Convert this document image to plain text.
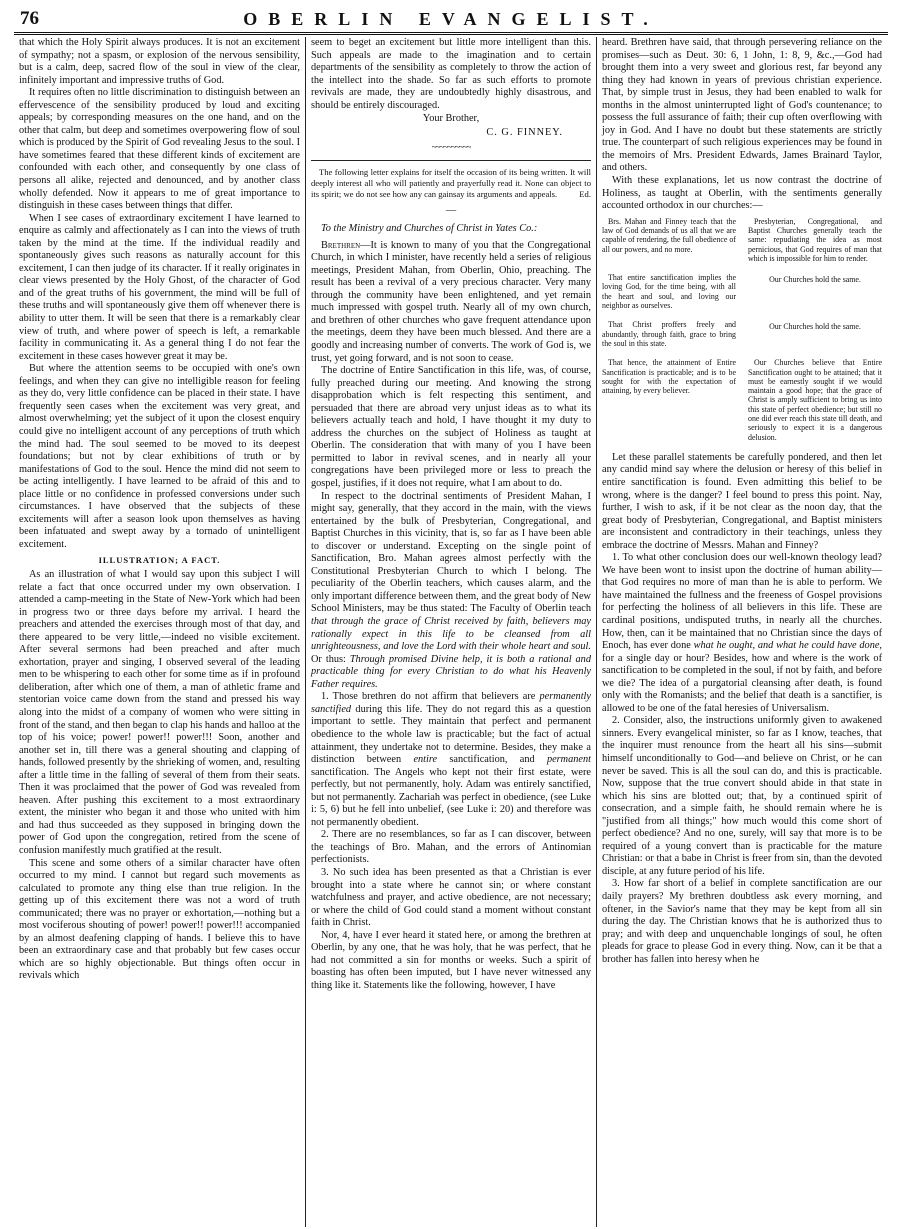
76	OBERLIN EVANGELIST.

that which the Holy Spirit always produces. It is not an excitement of sympathy; not a spasm, or explosion of the nervous sensibility, but is a calm, deep, sacred flow of the soul in view of the clear, infinitely important and impressive truths of God.

It requires often no little discrimination to distinguish between an effervescence of the sensibility produced by loud and exciting appeals; by corresponding measures on the one hand, and on the other that calm, but deep and sometimes overpowering flow of soul which is produced by the Spirit of God revealing Jesus to the soul. I have sometimes feared that these different kinds of excitement are confounded with each other, and consequently by one class of persons all alike, rejected and denounced, and by another class wholly defended. Now it appears to me of great importance to distinguish in these cases between things that differ.

When I see cases of extraordinary excitement I have learned to enquire as calmly and affectionately as I can into the views of truth taken by the mind at the time. If the individual readily and spontaneously gives such reasons as naturally account for this excitement, I can then judge of its character. If it really originates in clear views presented by the Holy Ghost, of the character of God and of the great truths of his government, the mind will be full of these truths and will spontaneously give them off whenever there is ability to utter them. It will be seen that there is a remarkably clear view of truth, and where power of speech is left, a remarkable facility in communicating it. As a general thing I do not fear the excitement in these cases however great it may be.

But where the attention seems to be occupied with one's own feelings, and when they can give no intelligible reason for feeling as they do, very little confidence can be placed in their state. I have frequently seen cases when the excitement was very great, and almost overwhelming; yet the subject of it upon the closest enquiry could give no intelligent account of any perceptions of truth which the mind had. The soul seemed to be moved to its deepest foundations; but not by clear exhibitions of truth or by manifestations of God to the soul. Hence the mind did not seem to be acting intelligently. I have learned to be afraid of this and to place little or no confidence in professed conversions under such circumstances. I have observed that the subjects of these excitements will after a season look upon themselves as having been infatuated and swept away by a tornado of unintelligent excitement.

ILLUSTRATION; A FACT.

As an illustration of what I would say upon this subject I will relate a fact that once occurred under my own observation. I attended a camp-meeting in the State of New-York which had been in progress two or three days before my arrival. I heard the preachers and attended the exercises through most of that day, and there appeared to be very little,—indeed no visible excitement. After several sermons had been preached and after much exhortation, prayer and singing, I observed several of the leading men to be whispering to each other for some time as if in profound deliberation, after which one of them, a man of athletic frame and stentorian voice came down from the stand and pressed his way along into the midst of a company of women who were sitting in front of the stand, and then began to clap his hands and halloo at the top of his voice; power! power!! power!!! Soon, another and another set in, till there was a general shouting and clapping of hands, followed presently by the shrieking of women, and, resulting after a little time in the falling of several of them from their seats. Then it was proclaimed that the power of God was revealed from heaven. After pushing this excitement to a most extraordinary extent, the minister who began it and those who united with him and had thus succeeded as they supposed in bringing down the power of God upon the congregation, retired from the scene of confusion manifestly much gratified at the result.

This scene and some others of a similar character have often occurred to my mind. I cannot but regard such movements as calculated to promote any thing else than true religion. In the getting up of this excitement there was not a word of truth communicated; there was no prayer or exhortation,—nothing but a most vociferous shouting of power! power!! power!!! accompanied by an almost deafening clapping of hands. I believe this to have been an extraordinary case and that probably but few cases occur which are so highly objectionable. But things often occur in revivals which

seem to beget an excitement but little more intelligent than this. Such appeals are made to the imagination and to certain departments of the sensibility as completely to throw the action of the intellect into the shade. So far as such efforts to promote revivals are made, they are undoubtedly highly disastrous, and should be entirely discouraged.

Your Brother,
C. G. FINNEY.
~~~~~~~~~~
The following letter explains for itself the occasion of its being written. It will deeply interest all who will patiently and prayerfully read it. None can object to its spirit; we do not see how any can gainsay its arguments and appeals.	Ed.
—
To the Ministry and Churches of Christ in Yates Co.:

Brethren—It is known to many of you that the Congregational Church, in which I minister, have recently held a series of religious meetings, President Mahan, from Oberlin, Ohio, preaching. The result has been a revival of a very precious character. Very many through the community have been enlightened, and yet remain much impressed with gospel truth. Nearly all of my own church, and brethren of other churches who gave frequent attendance upon the meetings, deem they have been much blessed. And there are a goodly and increasing number of converts. The work of God is, we trust, yet going forward, and is not soon to cease.

The doctrine of Entire Sanctification in this life, was, of course, fully preached during our meeting. And knowing the strong disapprobation which is felt respecting this sentiment, and persuaded that there are abroad very unjust ideas as to what its believers actually teach and hold, I have thought it my duty to address the churches on the subject of Holiness as taught at Oberlin. The consideration that with many of you I have been permitted to labor in revival scenes, and in nearly all your congregations have been privileged more or less to preach the gospel, justifies, if it does not require, what I am about to do.

In respect to the doctrinal sentiments of President Mahan, I might say, generally, that they accord in the main, with the views entertained by the bulk of Presbyterian, Congregational, and Baptist Churches in this vicinity, that is, so far as I have been able to discover or understand. Excepting on the single point of Sanctification, Bro. Mahan agrees almost perfectly with the Constitutional Presbyterian Church to which I belong. The peculiarity of the Oberlin teachers, which causes alarm, and the only important difference between them, and the great body of New School Ministers, may be thus stated: The Faculty of Oberlin teach that through the grace of Christ received by faith, believers may rationally expect in this life to be cleansed from all unrighteousness, and love the Lord with their whole heart and soul. Or thus: Through promised Divine help, it is both a rational and practicable thing for every Christian to do what his Heavenly Father requires.

1. Those brethren do not affirm that believers are permanently sanctified during this life. They do not regard this as a question important to settle. They maintain that perfect and permanent obedience to the whole law is practicable; but the fact of actual attainment, they undertake not to determine. Besides, they make a distinction between entire sanctification, and permanent sanctification. The Angels who kept not their first estate, were perfectly, but not permanently, holy. Adam was entirely sanctified, but not permanently. Zachariah was perfect in obedience, (see Luke i: 5, 6) but he fell into unbelief, (see Luke i: 20) and therefore was not permanently obedient.

2. There are no resemblances, so far as I can discover, between the teachings of Bro. Mahan, and the errors of Antinomian perfectionists.

3. No such idea has been presented as that a Christian is ever brought into a state where he cannot sin; or where constant watchfulness and prayer, and active obedience, are not necessary; or where the child of God could stand a moment without constant faith in Christ.

Nor, 4, have I ever heard it stated here, or among the brethren at Oberlin, by any one, that he was holy, that he was perfect, that he had not committed a sin for months or weeks. Such a spirit of boasting has often been imputed, but I have never witnessed any thing like it. Statements like the following, however, I have

heard. Brethren have said, that through persevering reliance on the promises—such as Deut. 30: 6, 1 John, 1: 8, 9, &c.,—God had brought them into a very sweet and glorious rest, far beyond any thing they had known in years of previous christian experience. That, by simple trust in Jesus, they had been enabled to walk for months in the almost uninterrupted light of God's countenance; to possess the full assurance of faith; their cup often overflowing with joy in God. And I have no doubt but these statements are strictly true. The counterpart of such religious experiences may be found in the memoirs of Mrs. President Edwards, James Brainard Taylor, and others.

With these explanations, let us now contrast the doctrine of Holiness, as taught at Oberlin, with the sentiments generally accounted orthodox in our churches:—

Brs. Mahan and Finney teach that the law of God demands of us all that we are capable of rendering, the full obedience of all our powers, and no more.
Presbyterian, Congregational, and Baptist Churches generally teach the same: repudiating the idea as most pernicious, that God requires of man that which is impossible for him to render.
That entire sanctification implies the loving God, for the time being, with all the heart and soul, and loving our neighbor as ourselves.
Our Churches hold the same.
That Christ proffers freely and abundantly, through faith, grace to bring the soul in this state.
Our Churches hold the same.
That hence, the attainment of Entire Sanctification is practicable; and is to be sought for with the expectation of attaining, by every believer.
Our Churches believe that Entire Sanctification ought to be attained; that it must be earnestly sought if we would maintain a good hope; that the grace of Christ is amply sufficient to bring us into this state of perfect obedience; but still no one did ever reach this state till death, and seriously to expect it is a dangerous delusion.

Let these parallel statements be carefully pondered, and then let any candid mind say where the delusion or heresy of this belief in entire sanctification is found. Even admitting this belief to be wrong, where is the danger? I feel bound to press this point. Nay, further, I wish to ask, if it be not clear as the noon day, that the great body of Presbyterian, Congregational, and Baptist ministers are inconsistent and contradictory in their teachings, unless they embrace the doctrine of Messrs. Mahan and Finney?

1. To what other conclusion does our well-known theology lead? We have been wont to insist upon the doctrine of human ability—that God requires no more of man than he is able to perform. We have maintained the fullness and the freeness of Gospel provisions for perfecting the holiness of all believers in this life. These are cardinal positions, undisputed truths, in nearly all the churches. How, then, can it be maintained that no Christian since the days of Enoch, has ever done what he ought, and what he could have done, for a single day or hour? Besides, how and where is the work of sanctification to be completed in the soul, if not by faith, and before we die? The idea of a purgatorial cleansing after death, is found only with the Romanists; and the belief that death is a sanctifier, is allowed to be one of the fatal heresies of Universalism.

2. Consider, also, the instructions uniformly given to awakened sinners. Every evangelical minister, so far as I know, teaches, that the inquirer must renounce from the heart all his sins—submit himself unconditionally to God—and believe on Christ, or he can never be saved. This is all the soul can do, and this is practicable. Now, suppose that the true convert should abide in that state in which his sins are blotted out; that, by a continued spirit of consecration, and a simple faith, he should remain where he is "justified from all things;" how much would this come short of perfect obedience? And no one, surely, will say that more is to be required of a young convert than is practicable for the mature Christian: or that a babe in Christ is freer from sin, than the devoted disciple, at any future period of his life.

3. How far short of a belief in complete sanctification are our daily prayers? My brethren doubtless ask every morning, and oftener, in the Savior's name that they may be kept from all sin during the day. The Christian knows that he is authorized thus to pray; and with deep and unquenchable longings of soul, he often pleads for grace to please God in every thing. Now, can it be that a brother has fallen into heresy when he
